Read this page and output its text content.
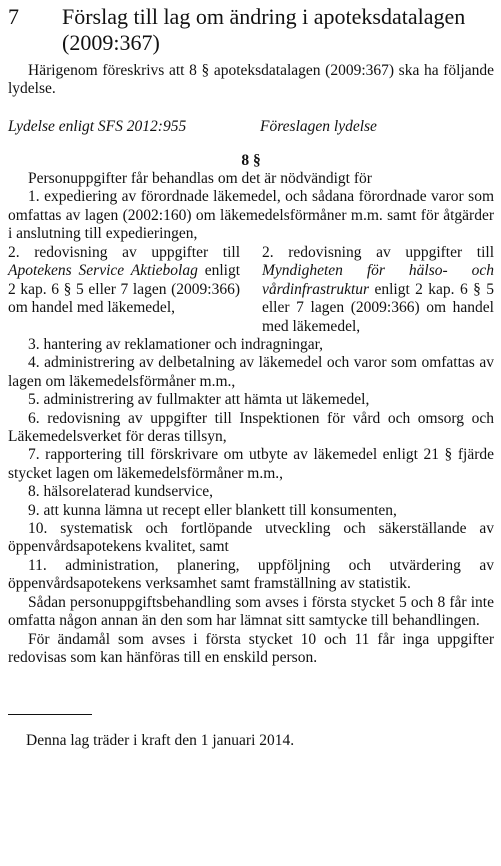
7 Förslag till lag om ändring i apoteksdatalagen (2009:367)

Härigenom föreskrivs att 8 § apoteksdatalagen (2009:367) ska ha följande lydelse.

Lydelse enligt SFS 2012:955	Föreslagen lydelse
8 §

Personuppgifter får behandlas om det är nödvändigt för

1. expediering av förordnade läkemedel, och sådana förordnade varor som omfattas av lagen (2002:160) om läkemedelsförmåner m.m. samt för åtgärder i anslutning till expedieringen,

2. redovisning av uppgifter till Apotekens Service Aktiebolag enligt 2 kap. 6 § 5 eller 7 lagen (2009:366) om handel med läkemedel,
2. redovisning av uppgifter till Myndigheten för hälso- och vårdinfrastruktur enligt 2 kap. 6 § 5 eller 7 lagen (2009:366) om handel med läkemedel,

3. hantering av reklamationer och indragningar,

4. administrering av delbetalning av läkemedel och varor som omfattas av lagen om läkemedelsförmåner m.m.,

5. administrering av fullmakter att hämta ut läkemedel,

6. redovisning av uppgifter till Inspektionen för vård och omsorg och Läkemedelsverket för deras tillsyn,

7. rapportering till förskrivare om utbyte av läkemedel enligt 21 § fjärde stycket lagen om läkemedelsförmåner m.m.,

8. hälsorelaterad kundservice,

9. att kunna lämna ut recept eller blankett till konsumenten,

10. systematisk och fortlöpande utveckling och säkerställande av öppenvårdsapotekens kvalitet, samt

11. administration, planering, uppföljning och utvärdering av öppenvårdsapotekens verksamhet samt framställning av statistik.

Sådan personuppgiftsbehandling som avses i första stycket 5 och 8 får inte omfatta någon annan än den som har lämnat sitt samtycke till behandlingen.

För ändamål som avses i första stycket 10 och 11 får inga uppgifter redovisas som kan hänföras till en enskild person.

Denna lag träder i kraft den 1 januari 2014.
